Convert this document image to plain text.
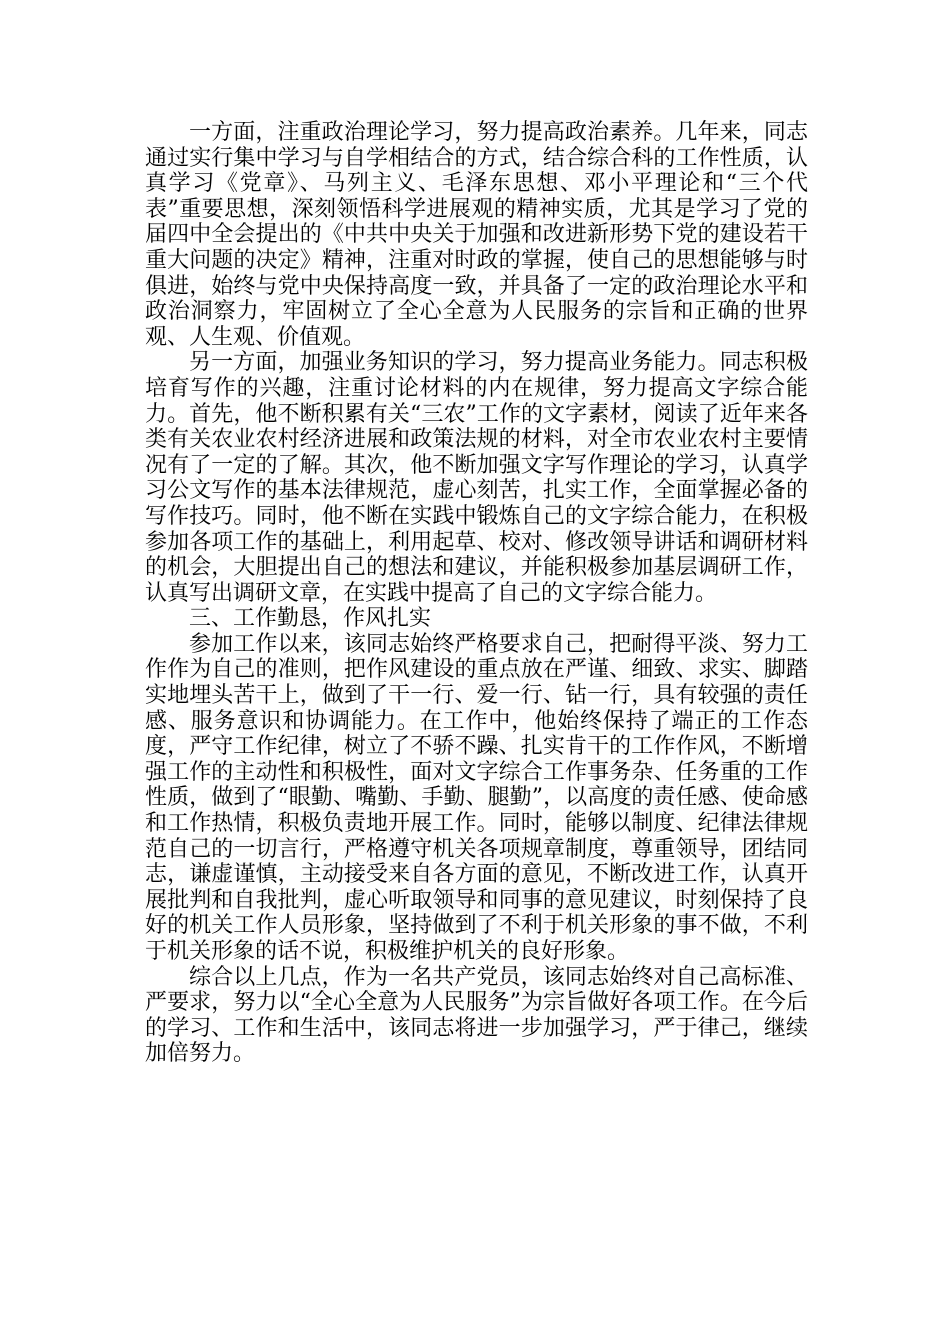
一方面，注重政治理论学习，努力提高政治素养。几年来，同志通过实行集中学习与自学相结合的方式，结合综合科的工作性质，认真学习《党章》、马列主义、毛泽东思想、邓小平理论和“三个代表”重要思想，深刻领悟科学进展观的精神实质，尤其是学习了党的届四中全会提出的《中共中央关于加强和改进新形势下党的建设若干重大问题的决定》精神，注重对时政的掌握，使自己的思想能够与时俱进，始终与党中央保持高度一致，并具备了一定的政治理论水平和政治洞察力，牢固树立了全心全意为人民服务的宗旨和正确的世界观、人生观、价值观。

另一方面，加强业务知识的学习，努力提高业务能力。同志积极培育写作的兴趣，注重讨论材料的内在规律，努力提高文字综合能力。首先，他不断积累有关“三农”工作的文字素材，阅读了近年来各类有关农业农村经济进展和政策法规的材料，对全市农业农村主要情况有了一定的了解。其次，他不断加强文字写作理论的学习，认真学习公文写作的基本法律规范，虚心刻苦，扎实工作，全面掌握必备的写作技巧。同时，他不断在实践中锻炼自己的文字综合能力，在积极参加各项工作的基础上，利用起草、校对、修改领导讲话和调研材料的机会，大胆提出自己的想法和建议，并能积极参加基层调研工作，认真写出调研文章，在实践中提高了自己的文字综合能力。

三、工作勤恳，作风扎实

参加工作以来，该同志始终严格要求自己，把耐得平淡、努力工作作为自己的准则，把作风建设的重点放在严谨、细致、求实、脚踏实地埋头苦干上，做到了干一行、爱一行、钻一行，具有较强的责任感、服务意识和协调能力。在工作中，他始终保持了端正的工作态度，严守工作纪律，树立了不骄不躁、扎实肯干的工作作风，不断增强工作的主动性和积极性，面对文字综合工作事务杂、任务重的工作性质，做到了“眼勤、嘴勤、手勤、腿勤”，以高度的责任感、使命感和工作热情，积极负责地开展工作。同时，能够以制度、纪律法律规范自己的一切言行，严格遵守机关各项规章制度，尊重领导，团结同志，谦虚谨慎，主动接受来自各方面的意见，不断改进工作，认真开展批判和自我批判，虚心听取领导和同事的意见建议，时刻保持了良好的机关工作人员形象，坚持做到了不利于机关形象的事不做，不利于机关形象的话不说，积极维护机关的良好形象。

综合以上几点，作为一名共产党员，该同志始终对自己高标准、严要求，努力以“全心全意为人民服务”为宗旨做好各项工作。在今后的学习、工作和生活中，该同志将进一步加强学习，严于律己，继续加倍努力。
